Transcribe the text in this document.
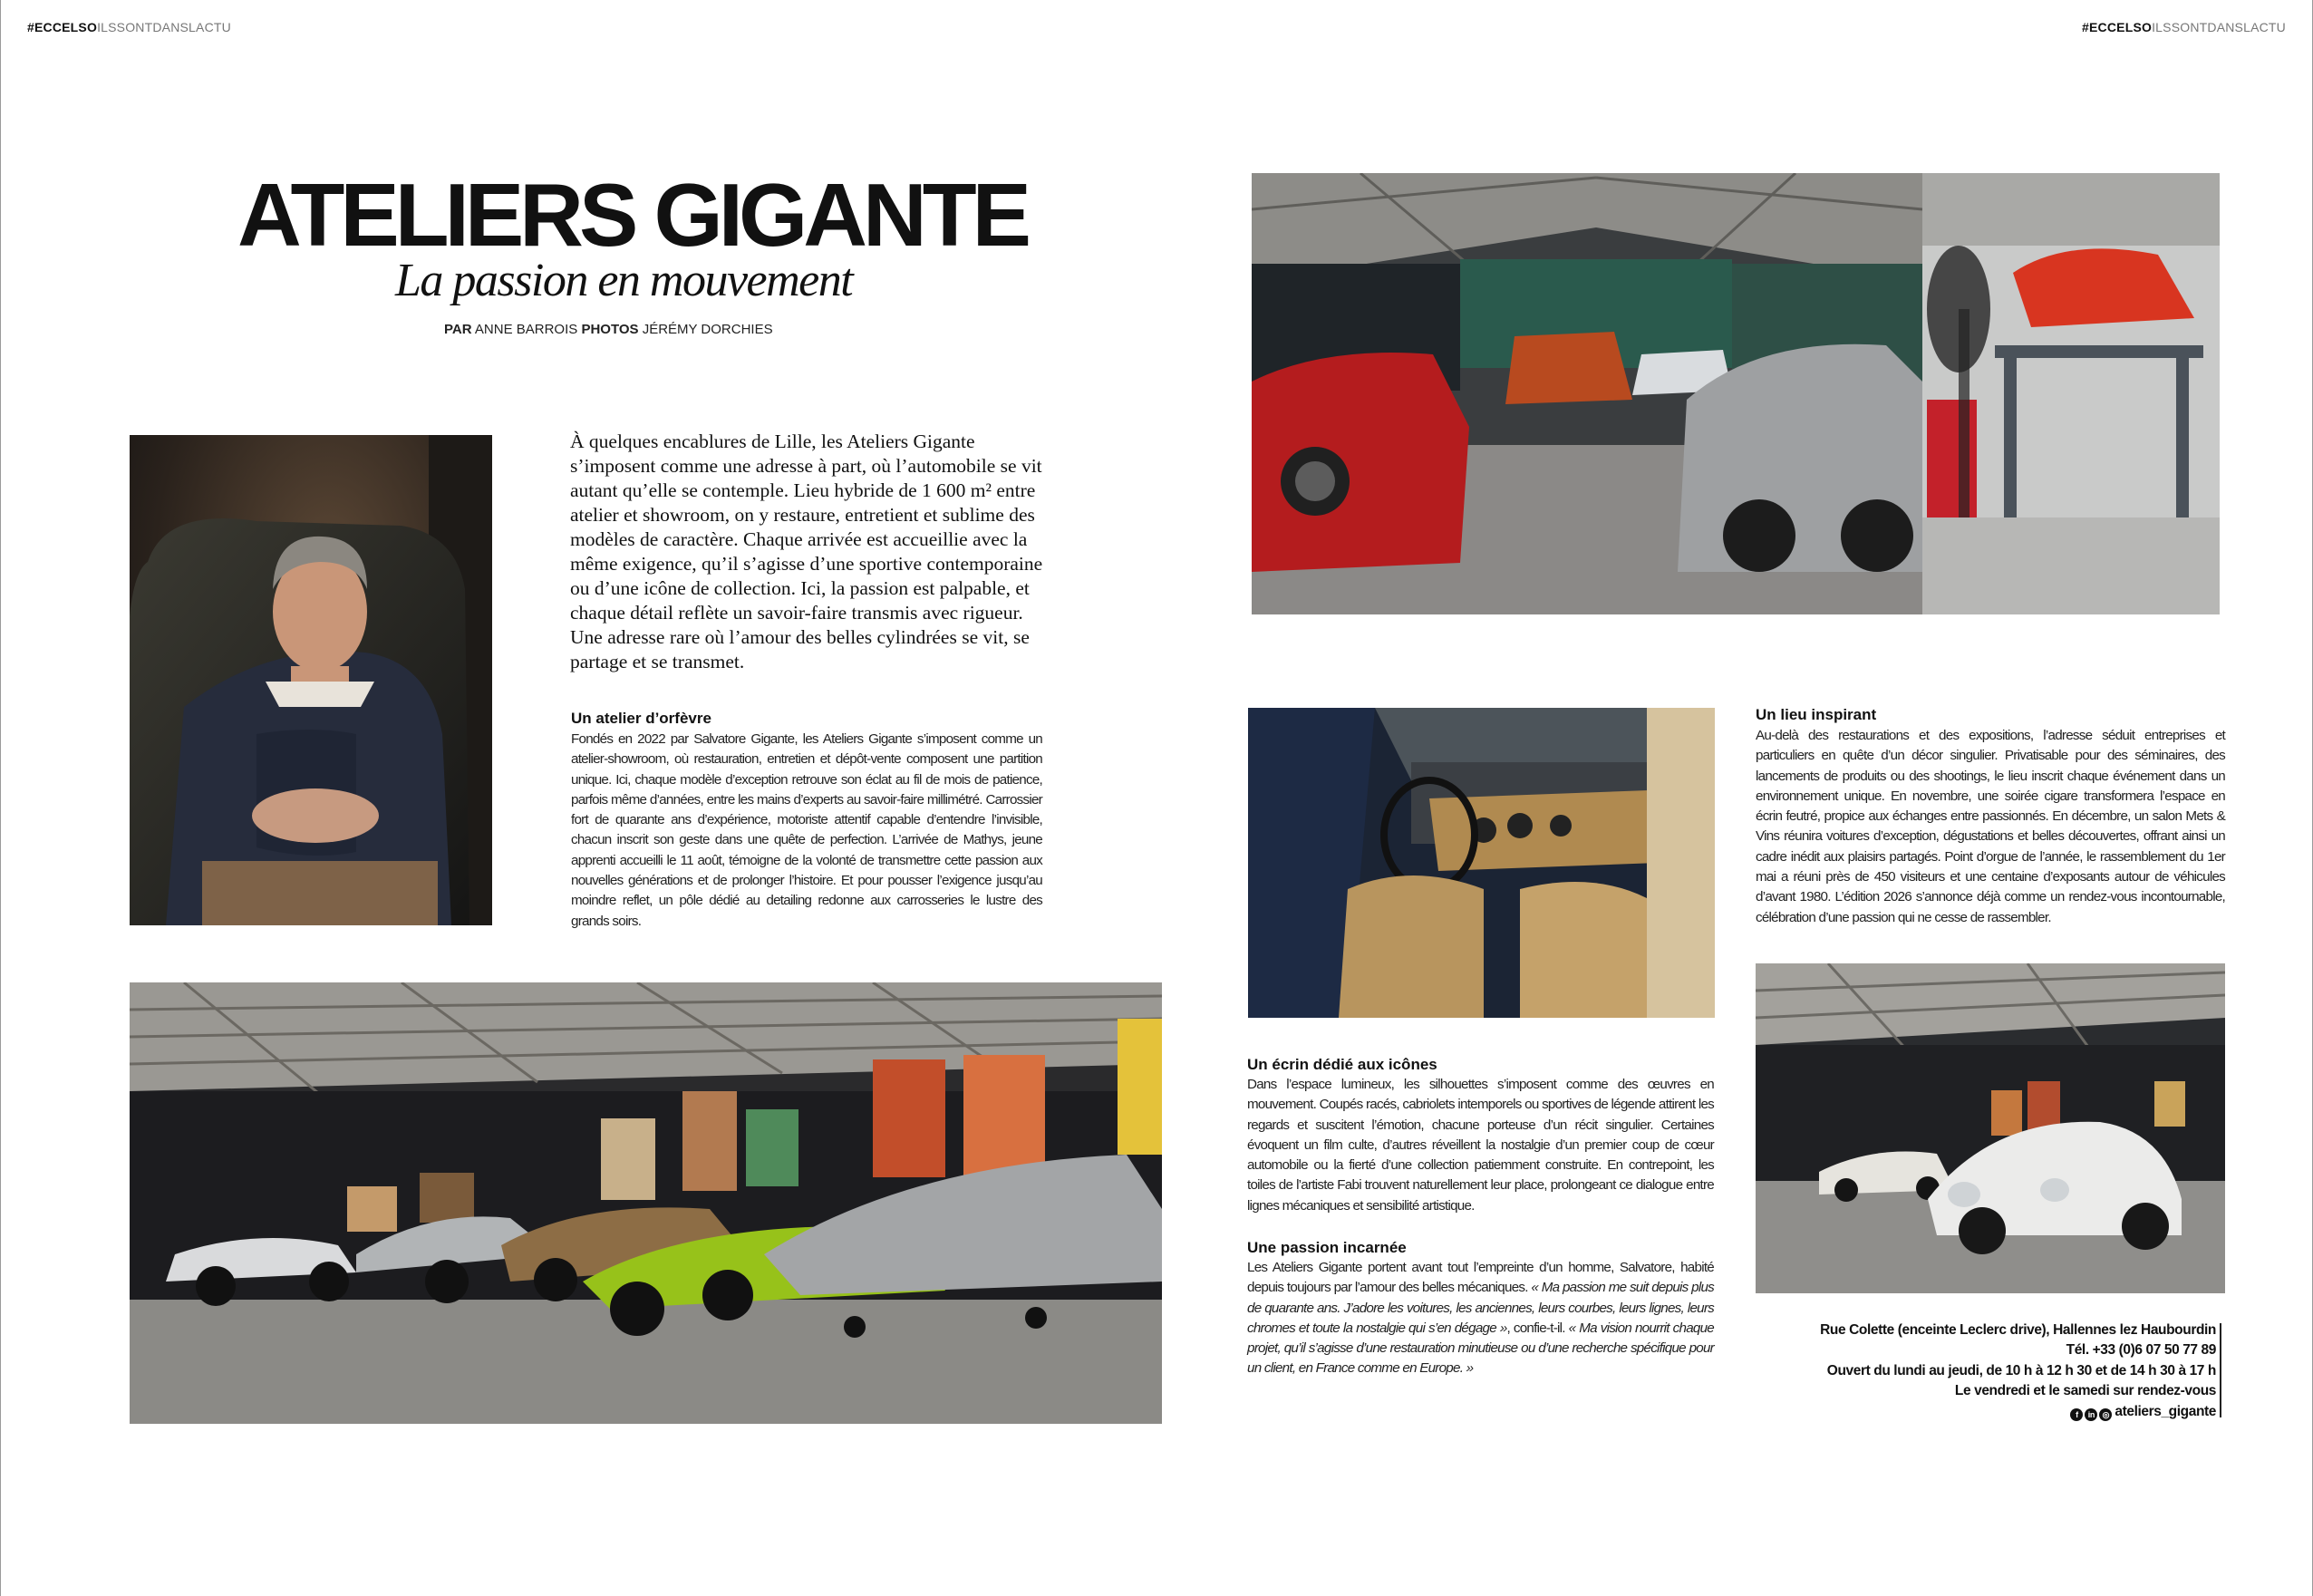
#ECCELSOILSSONTDANSLACTU	#ECCELSOILSSONTDANSLACTU
ATELIERS GIGANTE
La passion en mouvement
PAR ANNE BARROIS PHOTOS JÉRÉMY DORCHIES
À quelques encablures de Lille, les Ateliers Gigante s’imposent comme une adresse à part, où l’automobile se vit autant qu’elle se contemple. Lieu hybride de 1 600 m² entre atelier et showroom, on y restaure, entretient et sublime des modèles de caractère. Chaque arrivée est accueillie avec la même exigence, qu’il s’agisse d’une sportive contemporaine ou d’une icône de collection. Ici, la passion est palpable, et chaque détail reflète un savoir-faire transmis avec rigueur. Une adresse rare où l’amour des belles cylindrées se vit, se partage et se transmet.
Un atelier d’orfèvre
Fondés en 2022 par Salvatore Gigante, les Ateliers Gigante s’imposent comme un atelier-showroom, où restauration, entretien et dépôt-vente composent une partition unique. Ici, chaque modèle d’exception retrouve son éclat au fil de mois de patience, parfois même d’années, entre les mains d’experts au savoir-faire millimétré. Carrossier fort de quarante ans d’expérience, motoriste attentif capable d’entendre l’invisible, chacun inscrit son geste dans une quête de perfection. L’arrivée de Mathys, jeune apprenti accueilli le 11 août, témoigne de la volonté de transmettre cette passion aux nouvelles générations et de prolonger l’histoire. Et pour pousser l’exigence jusqu’au moindre reflet, un pôle dédié au detailing redonne aux carrosseries le lustre des grands soirs.
Un écrin dédié aux icônes
Dans l’espace lumineux, les silhouettes s’imposent comme des œuvres en mouvement. Coupés racés, cabriolets intemporels ou sportives de légende attirent les regards et suscitent l’émotion, chacune porteuse d’un récit singulier. Certaines évoquent un film culte, d’autres réveillent la nostalgie d’un premier coup de cœur automobile ou la fierté d’une collection patiemment construite. En contrepoint, les toiles de l’artiste Fabi trouvent naturellement leur place, prolongeant ce dialogue entre lignes mécaniques et sensibilité artistique.
Une passion incarnée
Les Ateliers Gigante portent avant tout l’empreinte d’un homme, Salvatore, habité depuis toujours par l’amour des belles mécaniques. « Ma passion me suit depuis plus de quarante ans. J’adore les voitures, les anciennes, leurs courbes, leurs lignes, leurs chromes et toute la nostalgie qui s’en dégage », confie-t-il. « Ma vision nourrit chaque projet, qu’il s’agisse d’une restauration minutieuse ou d’une recherche spécifique pour un client, en France comme en Europe. »
Un lieu inspirant
Au-delà des restaurations et des expositions, l’adresse séduit entreprises et particuliers en quête d’un décor singulier. Privatisable pour des séminaires, des lancements de produits ou des shootings, le lieu inscrit chaque événement dans un environnement unique. En novembre, une soirée cigare transformera l’espace en écrin feutré, propice aux échanges entre passionnés. En décembre, un salon Mets & Vins réunira voitures d’exception, dégustations et belles découvertes, offrant ainsi un cadre inédit aux plaisirs partagés. Point d’orgue de l’année, le rassemblement du 1er mai a réuni près de 450 visiteurs et une centaine d’exposants autour de véhicules d’avant 1980. L’édition 2026 s’annonce déjà comme un rendez-vous incontournable, célébration d’une passion qui ne cesse de rassembler.
Rue Colette (enceinte Leclerc drive), Hallennes lez Haubourdin
Tél. +33 (0)6 07 50 77 89
Ouvert du lundi au jeudi, de 10 h à 12 h 30 et de 14 h 30 à 17 h
Le vendredi et le samedi sur rendez-vous
f	in ◎ ateliers_gigante
